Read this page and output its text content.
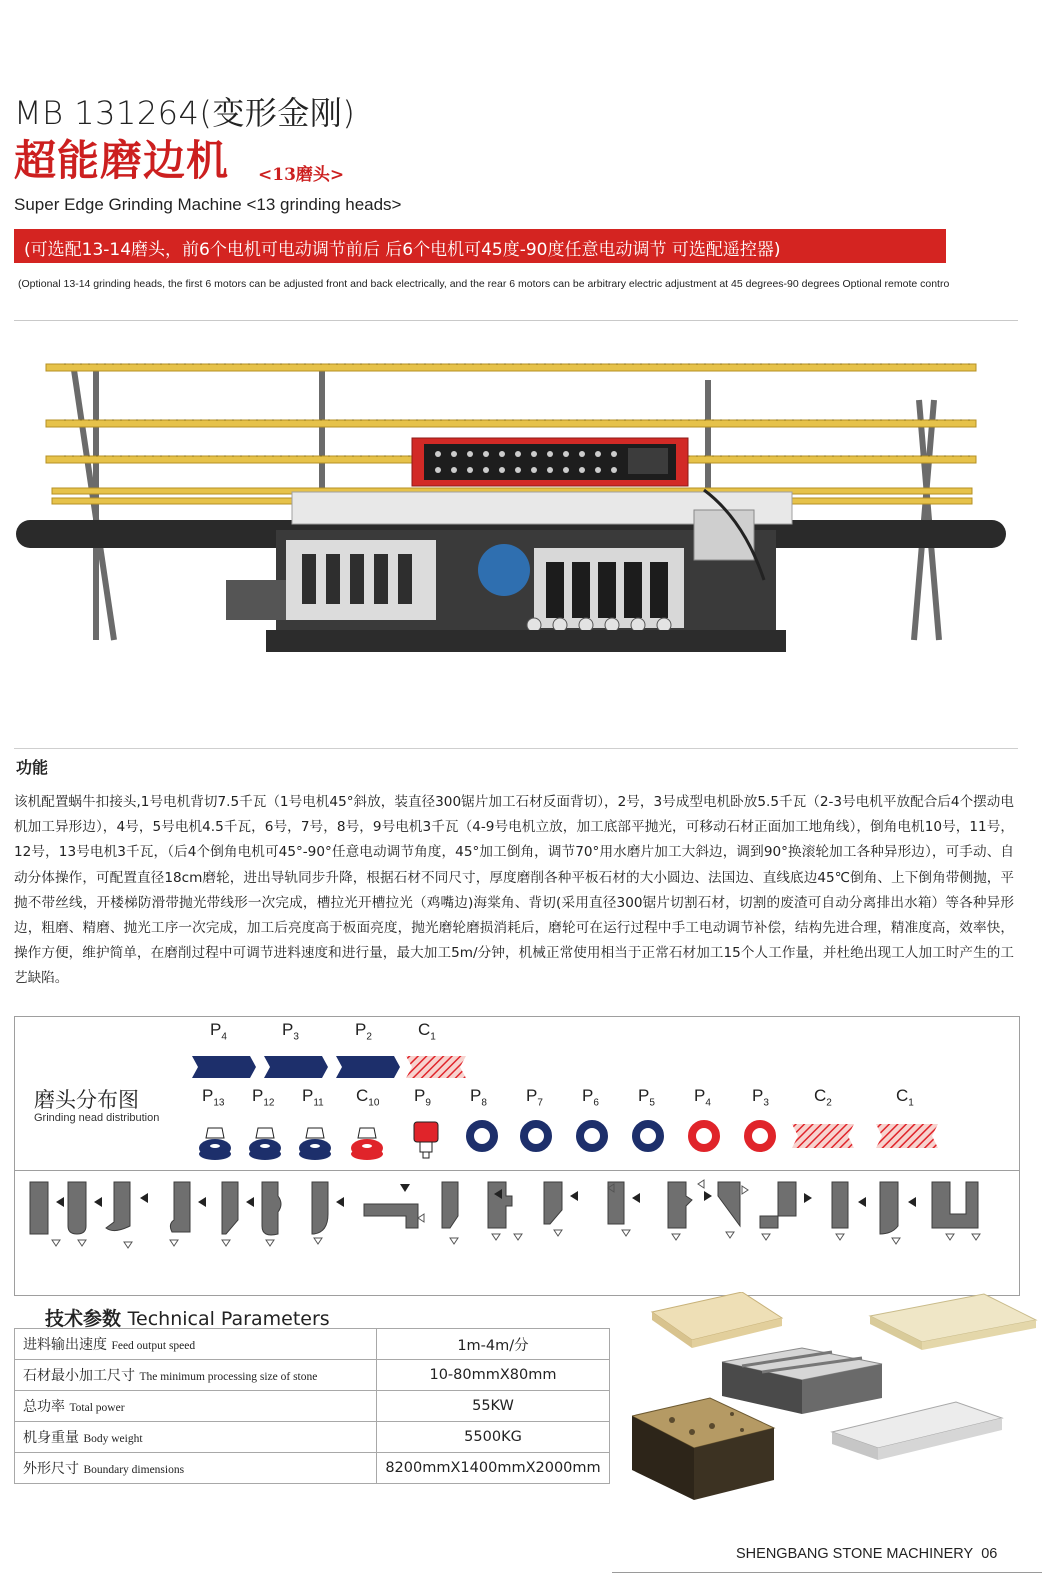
MB 131264(变形金刚)
超能磨边机 <13磨头>
Super Edge Grinding Machine <13 grinding heads>
(可选配13-14磨头，前6个电机可电动调节前后 后6个电机可45度-90度任意电动调节 可选配遥控器)
(Optional 13-14 grinding heads, the first 6 motors can be adjusted front and back electrically, and the rear 6 motors can be arbitrary electric adjustment at 45 degrees-90 degrees Optional remote contro
功能
该机配置蜗牛扣接头,1号电机背切7.5千瓦（1号电机45°斜放，装直径300锯片加工石材反面背切），2号，3号成型电机卧放5.5千瓦（2-3号电机平放配合后4个摆动电机加工异形边），4号，5号电机4.5千瓦，6号，7号，8号，9号电机3千瓦（4-9号电机立放，加工底部平抛光，可移动石材正面加工地角线），倒角电机10号，11号，12号，13号电机3千瓦，（后4个倒角电机可45°-90°任意电动调节角度，45°加工倒角，调节70°用水磨片加工大斜边，调到90°换滚轮加工各种异形边），可手动、自动分体操作，可配置直径18cm磨轮，进出导轨同步升降，根据石材不同尺寸，厚度磨削各种平板石材的大小圆边、法国边、直线底边45℃倒角、上下倒角带侧抛，平抛不带丝线，开楼梯防滑带抛光带线形一次完成，槽拉光开槽拉光（鸡嘴边)海棠角、背切(采用直径300锯片切割石材，切割的废渣可自动分离排出水箱）等各种异形边，粗磨、精磨、抛光工序一次完成，加工后亮度高于板面亮度，抛光磨轮磨损消耗后，磨轮可在运行过程中手工电动调节补偿，结构先进合理，精准度高，效率快，操作方便，维护简单，在磨削过程中可调节进料速度和进行量，最大加工5m/分钟，机械正常使用相当于正常石材加工15个人工作量，并杜绝出现工人加工时产生的工艺缺陷。
磨头分布图
Grinding nead distribution
$P_4$	$P_3$	$P_2$	$C_1$
$P_{13}$ $P_{12}$ $P_{11}$ $C_{10}$ $P_9$ $P_8$ $P_7$ $P_6$ $P_5$ $P_4$ $P_3$	$C_2$	$C_1$
技术参数 Technical Parameters
进料输出速度 Feed output speed	1m-4m/分
石材最小加工尺寸 The minimum processing size of stone	10-80mmX80mm
总功率 Total power	55KW
机身重量 Body weight	5500KG
外形尺寸 Boundary dimensions	8200mmX1400mmX2000mm
SHENGBANG STONE MACHINERY 06
